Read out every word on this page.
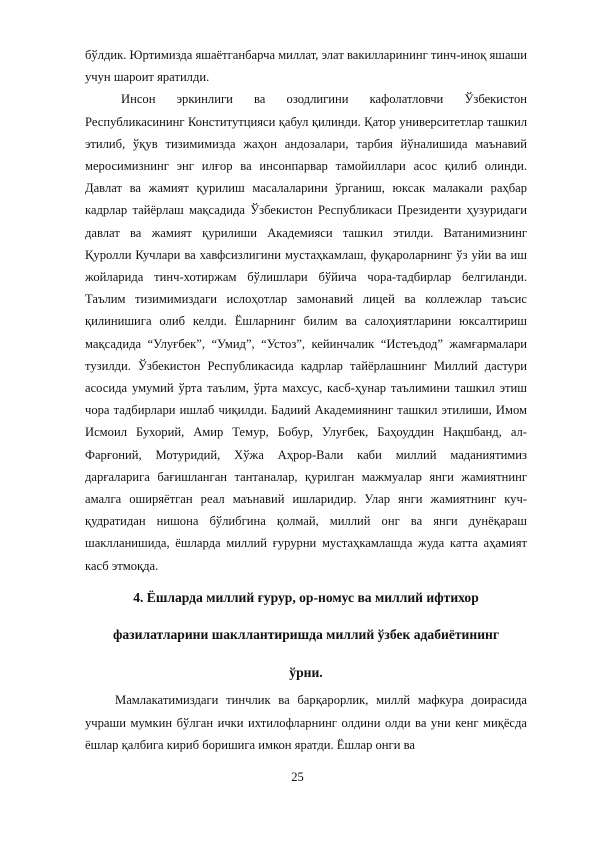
бўлдик. Юртимизда яшаётганбарча миллат, элат вакилларининг тинч-иноқ яшаши учун шароит яратилди.

Инсон эркинлиги ва озодлигини кафолатловчи Ўзбекистон Республикасининг Конститутцияси қабул қилинди. Қатор университетлар ташкил этилиб, ўқув тизимимизда жаҳон андозалари, тарбия йўналишида маънавий меросимизнинг энг илғор ва инсонпарвар тамойиллари асос қилиб олинди. Давлат ва жамият қурилиш масалаларини ўрганиш, юксак малакали раҳбар кадрлар тайёрлаш мақсадида Ўзбекистон Республикаси Президенти ҳузуридаги давлат ва жамият қурилиши Академияси ташкил этилди. Ватанимизнинг Қуролли Кучлари ва хавфсизлигини мустаҳкамлаш, фуқароларнинг ўз уйи ва иш жойларида тинч-хотиржам бўлишлари бўйича чора-тадбирлар белгиланди. Таълим тизимимиздаги ислоҳотлар замонавий лицей ва коллежлар таъсис қилинишига олиб келди. Ёшларнинг билим ва салоҳиятларини юксалтириш мақсадида “Улуғбек”, “Умид”, “Устоз”, кейинчалик “Истеъдод” жамғармалари тузилди. Ўзбекистон Республикасида кадрлар тайёрлашнинг Миллий дастури асосида умумий ўрта таълим, ўрта махсус, касб-ҳунар таълимини ташкил этиш чора тадбирлари ишлаб чиқилди. Бадиий Академиянинг ташкил этилиши, Имом Исмоил Бухорий, Амир Темур, Бобур, Улуғбек, Баҳоуддин Нақшбанд, ал-Фарғоний, Мотуридий, Хўжа Аҳрор-Вали каби миллий маданиятимиз дарғаларига бағишланган тантаналар, қурилган мажмуалар янги жамиятнинг амалга оширяётган реал маънавий ишларидир. Улар янги жамиятнинг куч-қудратидан нишона бўлибгина қолмай, миллий онг ва янги дунёқараш шаклланишида, ёшларда миллий ғурурни мустаҳкамлашда жуда катта аҳамият касб этмоқда.

4. Ёшларда миллий ғурур, ор-номус ва миллий ифтихор

фазилатларини шакллантиришда миллий ўзбек адабиётининг

ўрни.

Мамлакатимиздаги тинчлик ва барқарорлик, миллй мафкура доирасида учраши мумкин бўлган ички ихтилофларнинг олдини олди ва уни кенг миқёсда ёшлар қалбига кириб боришига имкон яратди. Ёшлар онги ва

25
